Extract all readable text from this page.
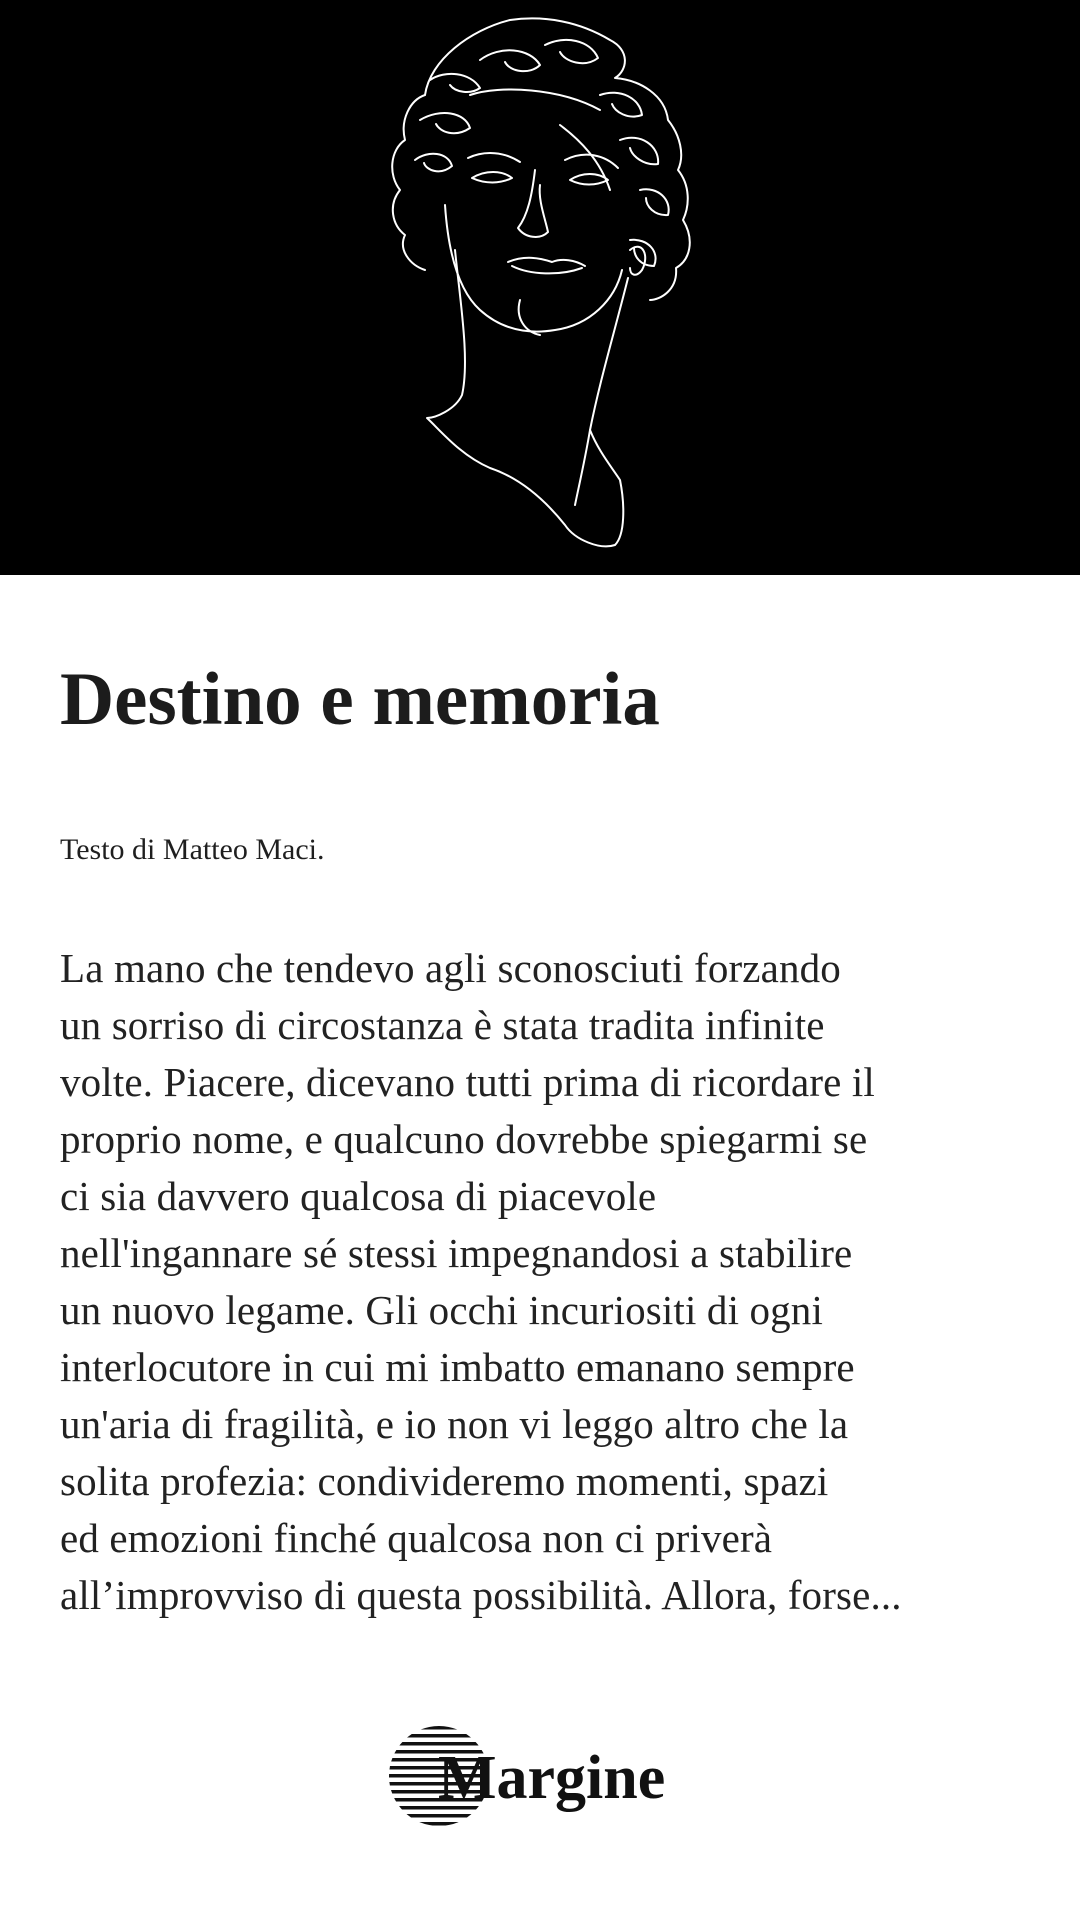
Destino e memoria

Testo di Matteo Maci.

La mano che tendevo agli sconosciuti forzando
un sorriso di circostanza è stata tradita infinite
volte. Piacere, dicevano tutti prima di ricordare il
proprio nome, e qualcuno dovrebbe spiegarmi se
ci sia davvero qualcosa di piacevole
nell'ingannare sé stessi impegnandosi a stabilire
un nuovo legame. Gli occhi incuriositi di ogni
interlocutore in cui mi imbatto emanano sempre
un'aria di fragilità, e io non vi leggo altro che la
solita profezia: condivideremo momenti, spazi
ed emozioni finché qualcosa non ci priverà
all’improvviso di questa possibilità. Allora, forse...

Margine
